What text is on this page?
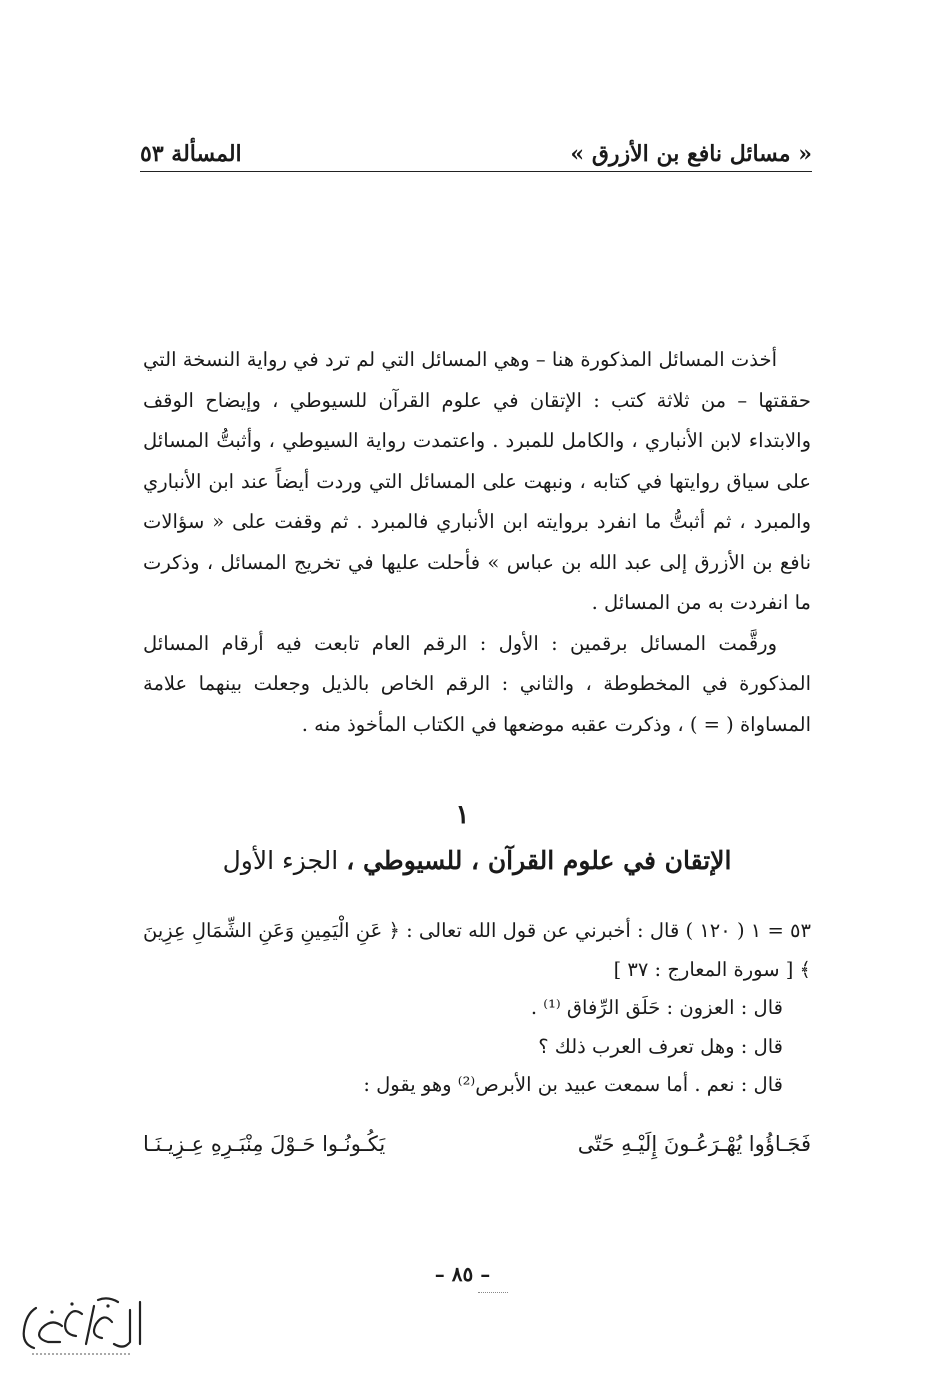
« مسائل نافع بن الأزرق »
المسألة ٥٣

أخذت المسائل المذكورة هنا – وهي المسائل التي لم ترد في رواية النسخة التي حققتها – من ثلاثة كتب : الإتقان في علوم القرآن للسيوطي ، وإيضاح الوقف والابتداء لابن الأنباري ، والكامل للمبرد . واعتمدت رواية السيوطي ، وأثبتُّ المسائل على سياق روايتها في كتابه ، ونبهت على المسائل التي وردت أيضاً عند ابن الأنباري والمبرد ، ثم أثبتُّ ما انفرد بروايته ابن الأنباري فالمبرد . ثم وقفت على « سؤالات نافع بن الأزرق إلى عبد الله بن عباس » فأحلت عليها في تخريج المسائل ، وذكرت ما انفردت به من المسائل .

ورقَّمت المسائل برقمين : الأول : الرقم العام تابعت فيه أرقام المسائل المذكورة في المخطوطة ، والثاني : الرقم الخاص بالذيل وجعلت بينهما علامة المساواة ( = ) ، وذكرت عقبه موضعها في الكتاب المأخوذ منه .

١
الإتقان في علوم القرآن ، للسيوطي ، الجزء الأول

٥٣ = ١ ( ١٢٠ ) قال : أخبرني عن قول الله تعالى : ﴿ عَنِ الْيَمِينِ وَعَنِ الشِّمَالِ عِزِينَ ﴾ [ سورة المعارج : ٣٧ ]

قال : العزون : حَلَق الرِّفاق ⁽¹⁾ .

قال : وهل تعرف العرب ذلك ؟

قال : نعم . أما سمعت عبيد بن الأبرص⁽²⁾ وهو يقول :

فَجَـاؤُوا يُهْـرَعُـونَ إِلَيْـهِ حَتّى
يَكُـونُـوا حَـوْلَ مِنْبَـرِهِ عِـزِيـنَـا
– ٨٥ –
